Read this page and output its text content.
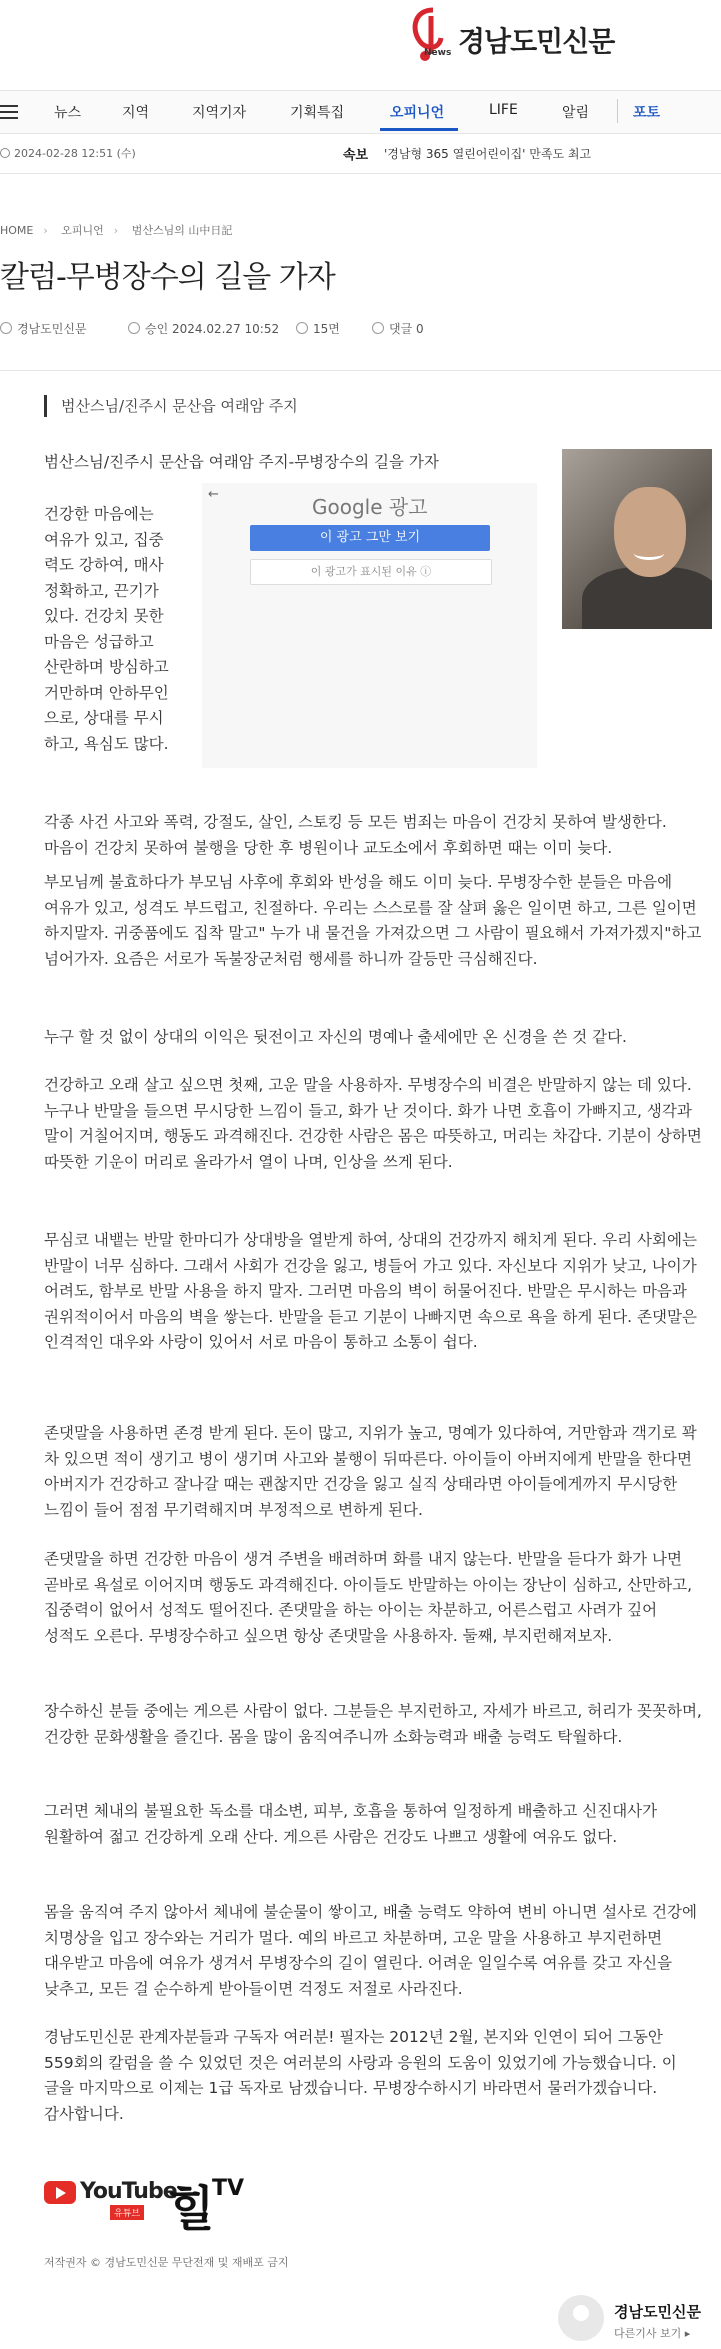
News 경남도민신문
뉴스	지역	지역기자	기획특집	오피니언	LIFE	알림	포토
2024-02-28 12:51 (수)	속보 '경남형 365 열린어린이집' 만족도 최고
HOME › 오피니언 › 범산스님의 山中日記
칼럼-무병장수의 길을 가자
경남도민신문	승인 2024.02.27 10:52	15면	댓글 0
범산스님/진주시 문산읍 여래암 주지
범산스님/진주시 문산읍 여래암 주지-무병장수의 길을 가자
건강한 마음에는
여유가 있고, 집중
력도 강하여, 매사
정확하고, 끈기가
있다. 건강치 못한
마음은 성급하고
산란하며 방심하고
거만하며 안하무인
으로, 상대를 무시
하고, 욕심도 많다.
←
Google 광고
이 광고 그만 보기
이 광고가 표시된 이유 ⓘ

각종 사건 사고와 폭력, 강절도, 살인, 스토킹 등 모든 범죄는 마음이 건강치 못하여 발생한다. 마음이 건강치 못하여 불행을 당한 후 병원이나 교도소에서 후회하면 때는 이미 늦다.

부모님께 불효하다가 부모님 사후에 후회와 반성을 해도 이미 늦다. 무병장수한 분들은 마음에 여유가 있고, 성격도 부드럽고, 친절하다. 우리는 스스로를 잘 살펴 옳은 일이면 하고, 그른 일이면 하지말자. 귀중품에도 집착 말고" 누가 내 물건을 가져갔으면 그 사람이 필요해서 가져가겠지"하고 넘어가자. 요즘은 서로가 독불장군처럼 행세를 하니까 갈등만 극심해진다.

누구 할 것 없이 상대의 이익은 뒷전이고 자신의 명예나 출세에만 온 신경을 쓴 것 같다.

건강하고 오래 살고 싶으면 첫째, 고운 말을 사용하자. 무병장수의 비결은 반말하지 않는 데 있다. 누구나 반말을 들으면 무시당한 느낌이 들고, 화가 난 것이다. 화가 나면 호흡이 가빠지고, 생각과 말이 거칠어지며, 행동도 과격해진다. 건강한 사람은 몸은 따뜻하고, 머리는 차갑다. 기분이 상하면 따뜻한 기운이 머리로 올라가서 열이 나며, 인상을 쓰게 된다.

무심코 내뱉는 반말 한마디가 상대방을 열받게 하여, 상대의 건강까지 해치게 된다. 우리 사회에는 반말이 너무 심하다. 그래서 사회가 건강을 잃고, 병들어 가고 있다. 자신보다 지위가 낮고, 나이가 어려도, 함부로 반말 사용을 하지 말자. 그러면 마음의 벽이 허물어진다. 반말은 무시하는 마음과 권위적이어서 마음의 벽을 쌓는다. 반말을 듣고 기분이 나빠지면 속으로 욕을 하게 된다. 존댓말은 인격적인 대우와 사랑이 있어서 서로 마음이 통하고 소통이 쉽다.

존댓말을 사용하면 존경 받게 된다. 돈이 많고, 지위가 높고, 명예가 있다하여, 거만함과 객기로 꽉 차 있으면 적이 생기고 병이 생기며 사고와 불행이 뒤따른다. 아이들이 아버지에게 반말을 한다면 아버지가 건강하고 잘나갈 때는 괜찮지만 건강을 잃고 실직 상태라면 아이들에게까지 무시당한 느낌이 들어 점점 무기력해지며 부정적으로 변하게 된다.

존댓말을 하면 건강한 마음이 생겨 주변을 배려하며 화를 내지 않는다. 반말을 듣다가 화가 나면 곧바로 욕설로 이어지며 행동도 과격해진다. 아이들도 반말하는 아이는 장난이 심하고, 산만하고, 집중력이 없어서 성적도 떨어진다. 존댓말을 하는 아이는 차분하고, 어른스럽고 사려가 깊어 성적도 오른다. 무병장수하고 싶으면 항상 존댓말을 사용하자. 둘째, 부지런해져보자.

장수하신 분들 중에는 게으른 사람이 없다. 그분들은 부지런하고, 자세가 바르고, 허리가 꼿꼿하며, 건강한 문화생활을 즐긴다. 몸을 많이 움직여주니까 소화능력과 배출 능력도 탁월하다.

그러면 체내의 불필요한 독소를 대소변, 피부, 호흡을 통하여 일정하게 배출하고 신진대사가 원활하여 젊고 건강하게 오래 산다. 게으른 사람은 건강도 나쁘고 생활에 여유도 없다.

몸을 움직여 주지 않아서 체내에 불순물이 쌓이고, 배출 능력도 약하여 변비 아니면 설사로 건강에 치명상을 입고 장수와는 거리가 멀다. 예의 바르고 차분하며, 고운 말을 사용하고 부지런하면 대우받고 마음에 여유가 생겨서 무병장수의 길이 열린다. 어려운 일일수록 여유를 갖고 자신을 낮추고, 모든 걸 순수하게 받아들이면 걱정도 저절로 사라진다.

경남도민신문 관계자분들과 구독자 여러분! 필자는 2012년 2월, 본지와 인연이 되어 그동안 559회의 칼럼을 쓸 수 있었던 것은 여러분의 사랑과 응원의 도움이 있었기에 가능했습니다. 이 글을 마지막으로 이제는 1급 독자로 남겠습니다. 무병장수하시기 바라면서 물러가겠습니다. 감사합니다.

YouTube
유튜브 힐
TV
저작권자 © 경남도민신문 무단전재 및 재배포 금지
경남도민신문
다른기사 보기 ▸
